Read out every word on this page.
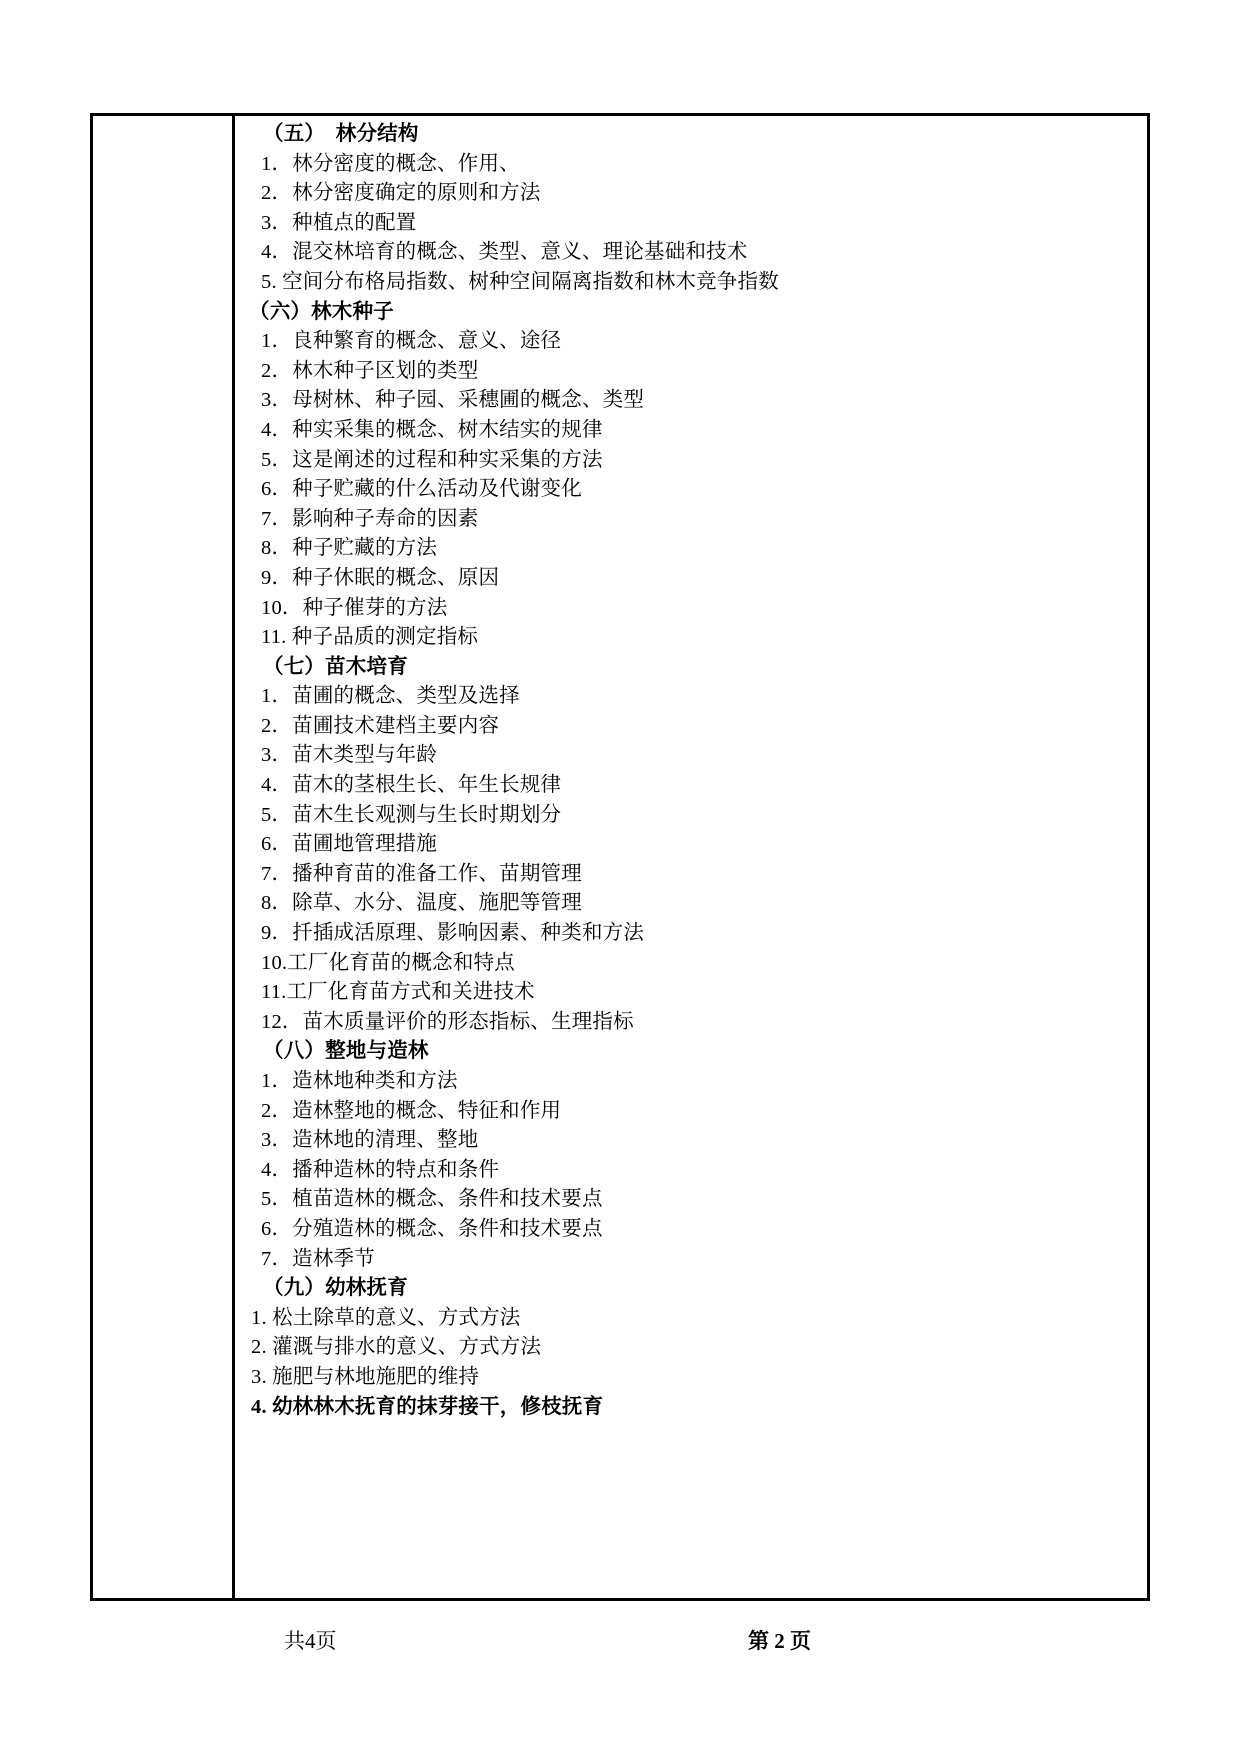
（五）  林分结构
1．林分密度的概念、作用、
2．林分密度确定的原则和方法
3．种植点的配置
4．混交林培育的概念、类型、意义、理论基础和技术
5. 空间分布格局指数、树种空间隔离指数和林木竞争指数
（六）林木种子
1．良种繁育的概念、意义、途径
2．林木种子区划的类型
3．母树林、种子园、采穗圃的概念、类型
4．种实采集的概念、树木结实的规律
5．这是阐述的过程和种实采集的方法
6．种子贮藏的什么活动及代谢变化
7．影响种子寿命的因素
8．种子贮藏的方法
9．种子休眠的概念、原因
10．种子催芽的方法
11. 种子品质的测定指标
（七）苗木培育
1．苗圃的概念、类型及选择
2．苗圃技术建档主要内容
3．苗木类型与年龄
4．苗木的茎根生长、年生长规律
5．苗木生长观测与生长时期划分
6．苗圃地管理措施
7．播种育苗的准备工作、苗期管理
8．除草、水分、温度、施肥等管理
9．扦插成活原理、影响因素、种类和方法
10.工厂化育苗的概念和特点
11.工厂化育苗方式和关进技术
12．苗木质量评价的形态指标、生理指标
（八）整地与造林
1．造林地种类和方法
2．造林整地的概念、特征和作用
3．造林地的清理、整地
4．播种造林的特点和条件
5．植苗造林的概念、条件和技术要点
6．分殖造林的概念、条件和技术要点
7．造林季节
（九）幼林抚育
1. 松土除草的意义、方式方法
2. 灌溉与排水的意义、方式方法
3. 施肥与林地施肥的维持
4. 幼林林木抚育的抹芽接干，修枝抚育
共4页	第 2 页
